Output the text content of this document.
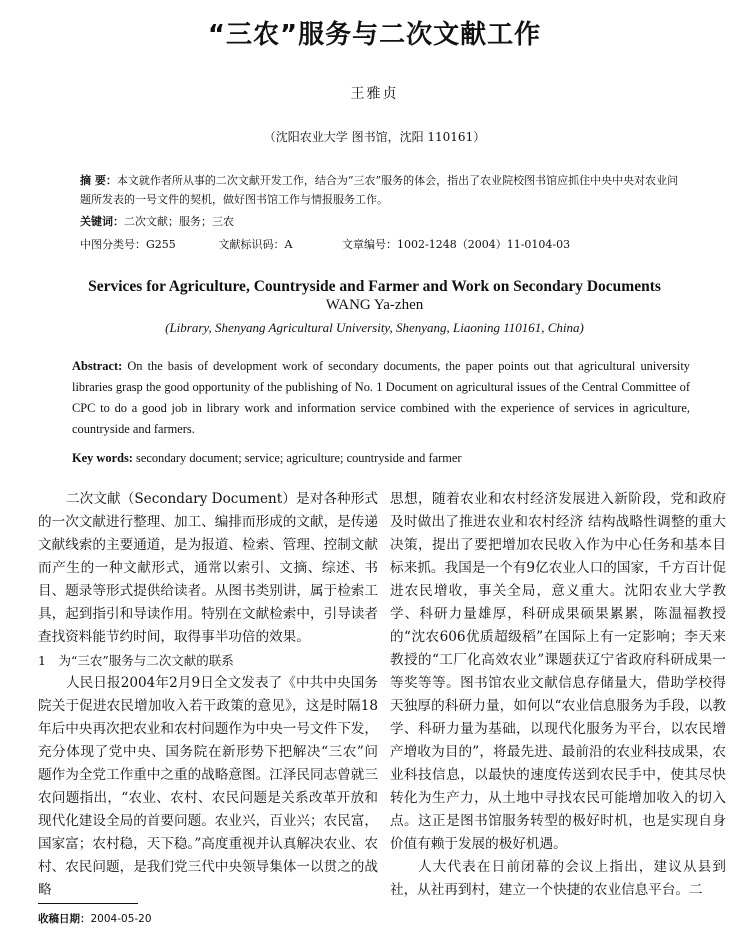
“三农”服务与二次文献工作
王雅贞
（沈阳农业大学 图书馆，沈阳 110161）
摘 要：本文就作者所从事的二次文献开发工作，结合为“三农”服务的体会，指出了农业院校图书馆应抓住中央中央对农业问题所发表的一号文件的契机，做好图书馆工作与情报服务工作。
关键词：二次文献；服务；三农
中图分类号：G255	文献标识码：A	文章编号：1002-1248（2004）11-0104-03
Services for Agriculture, Countryside and Farmer and Work on Secondary Documents
WANG Ya-zhen
(Library, Shenyang Agricultural University, Shenyang, Liaoning 110161, China)
Abstract: On the basis of development work of secondary documents, the paper points out that agricultural university libraries grasp the good opportunity of the publishing of No. 1 Document on agricultural issues of the Central Committee of CPC to do a good job in library work and information service combined with the experience of services in agriculture, countryside and farmers.
Key words: secondary document; service; agriculture; countryside and farmer

二次文献（Secondary Document）是对各种形式的一次文献进行整理、加工、编排而形成的文献，是传递文献线索的主要通道，是为报道、检索、管理、控制文献而产生的一种文献形式，通常以索引、文摘、综述、书目、题录等形式提供给读者。从图书类别讲，属于检索工具，起到指引和导读作用。特别在文献检索中，引导读者查找资料能节约时间，取得事半功倍的效果。

1　为“三农”服务与二次文献的联系

人民日报2004年2月9日全文发表了《中共中央国务院关于促进农民增加收入若干政策的意见》，这是时隔18年后中央再次把农业和农村问题作为中央一号文件下发，充分体现了党中央、国务院在新形势下把解决“三农”问题作为全党工作重中之重的战略意图。江泽民同志曾就三农问题指出，“农业、农村、农民问题是关系改革开放和现代化建设全局的首要问题。农业兴，百业兴；农民富，国家富；农村稳，天下稳。”高度重视并认真解决农业、农村、农民问题，是我们党三代中央领导集体一以贯之的战略

思想，随着农业和农村经济发展进入新阶段，党和政府及时做出了推进农业和农村经济 结构战略性调整的重大决策，提出了要把增加农民收入作为中心任务和基本目标来抓。我国是一个有9亿农业人口的国家，千方百计促进农民增收，事关全局，意义重大。沈阳农业大学教学、科研力量雄厚，科研成果硕果累累，陈温福教授的“沈农606优质超级稻”在国际上有一定影响；李天来教授的“工厂化高效农业”课题获辽宁省政府科研成果一等奖等等。图书馆农业文献信息存储量大，借助学校得天独厚的科研力量，如何以“农业信息服务为手段，以教学、科研力量为基础，以现代化服务为平台，以农民增产增收为目的”，将最先进、最前沿的农业科技成果，农业科技信息，以最快的速度传送到农民手中，使其尽快转化为生产力，从土地中寻找农民可能增加收入的切入点。这正是图书馆服务转型的极好时机，也是实现自身价值有赖于发展的极好机遇。

人大代表在日前闭幕的会议上指出，建议从县到社，从社再到村，建立一个快捷的农业信息平台。二

收稿日期：2004-05-20
